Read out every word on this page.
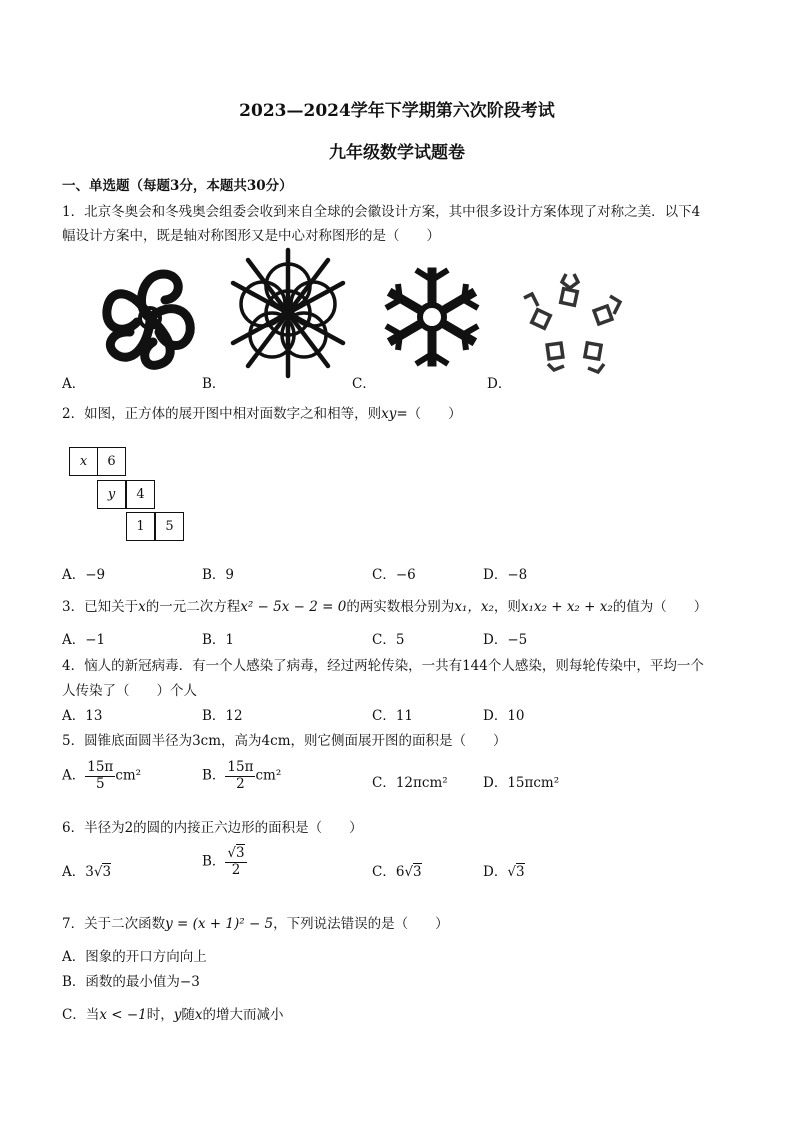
2023—2024学年下学期第六次阶段考试
九年级数学试题卷
一、单选题（每题3分，本题共30分）
1．北京冬奥会和冬残奥会组委会收到来自全球的会徽设计方案，其中很多设计方案体现了对称之美．以下4
幅设计方案中，既是轴对称图形又是中心对称图形的是（　　）
A．	B．	C．	D．
2．如图，正方体的展开图中相对面数字之和相等，则xy=（　　）
x	6
y	4
1	5
A．−9	B．9	C．−6	D．−8
3．已知关于x的一元二次方程x² − 5x − 2 = 0的两实数根分别为x₁，x₂，则x₁x₂ + x₂ + x₂的值为（　　）
A．−1	B．1	C．5	D．−5
4．恼人的新冠病毒．有一个人感染了病毒，经过两轮传染，一共有144个人感染，则每轮传染中，平均一个
人传染了（　　）个人
A．13	B．12	C．11	D．10
5．圆锥底面圆半径为3cm，高为4cm，则它侧面展开图的面积是（　　）
A． $\frac{15\pi}{5} cm^2$	B． $\frac{15\pi}{2} cm^2$	C．12πcm²	D．15πcm²
6．半径为2的圆的内接正六边形的面积是（　　）
A．3√3
B． $\frac{√3}{2}$	C．6√3	D．√3
7．关于二次函数y = (x + 1)² − 5，下列说法错误的是（　　）
A．图象的开口方向向上
B．函数的最小值为−3
C．当x < −1时，y随x的增大而减小
